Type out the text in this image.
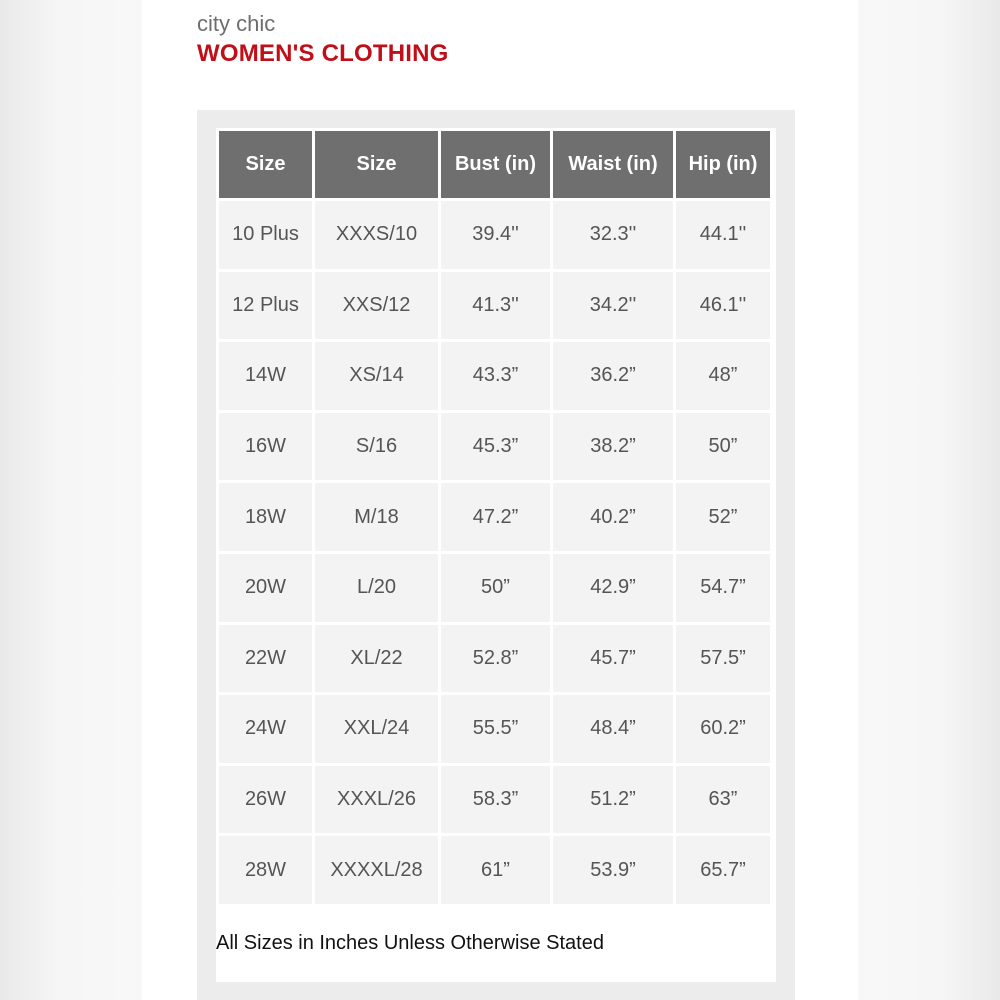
city chic
WOMEN'S CLOTHING
Size	Size	Bust (in)	Waist (in)	Hip (in)
10 Plus	XXXS/10	39.4''	32.3''	44.1''
12 Plus	XXS/12	41.3''	34.2''	46.1''
14W	XS/14	43.3”	36.2”	48”
16W	S/16	45.3”	38.2”	50”
18W	M/18	47.2”	40.2”	52”
20W	L/20	50”	42.9”	54.7”
22W	XL/22	52.8”	45.7”	57.5”
24W	XXL/24	55.5”	48.4”	60.2”
26W	XXXL/26	58.3”	51.2”	63”
28W	XXXXL/28	61”	53.9”	65.7”
All Sizes in Inches Unless Otherwise Stated
